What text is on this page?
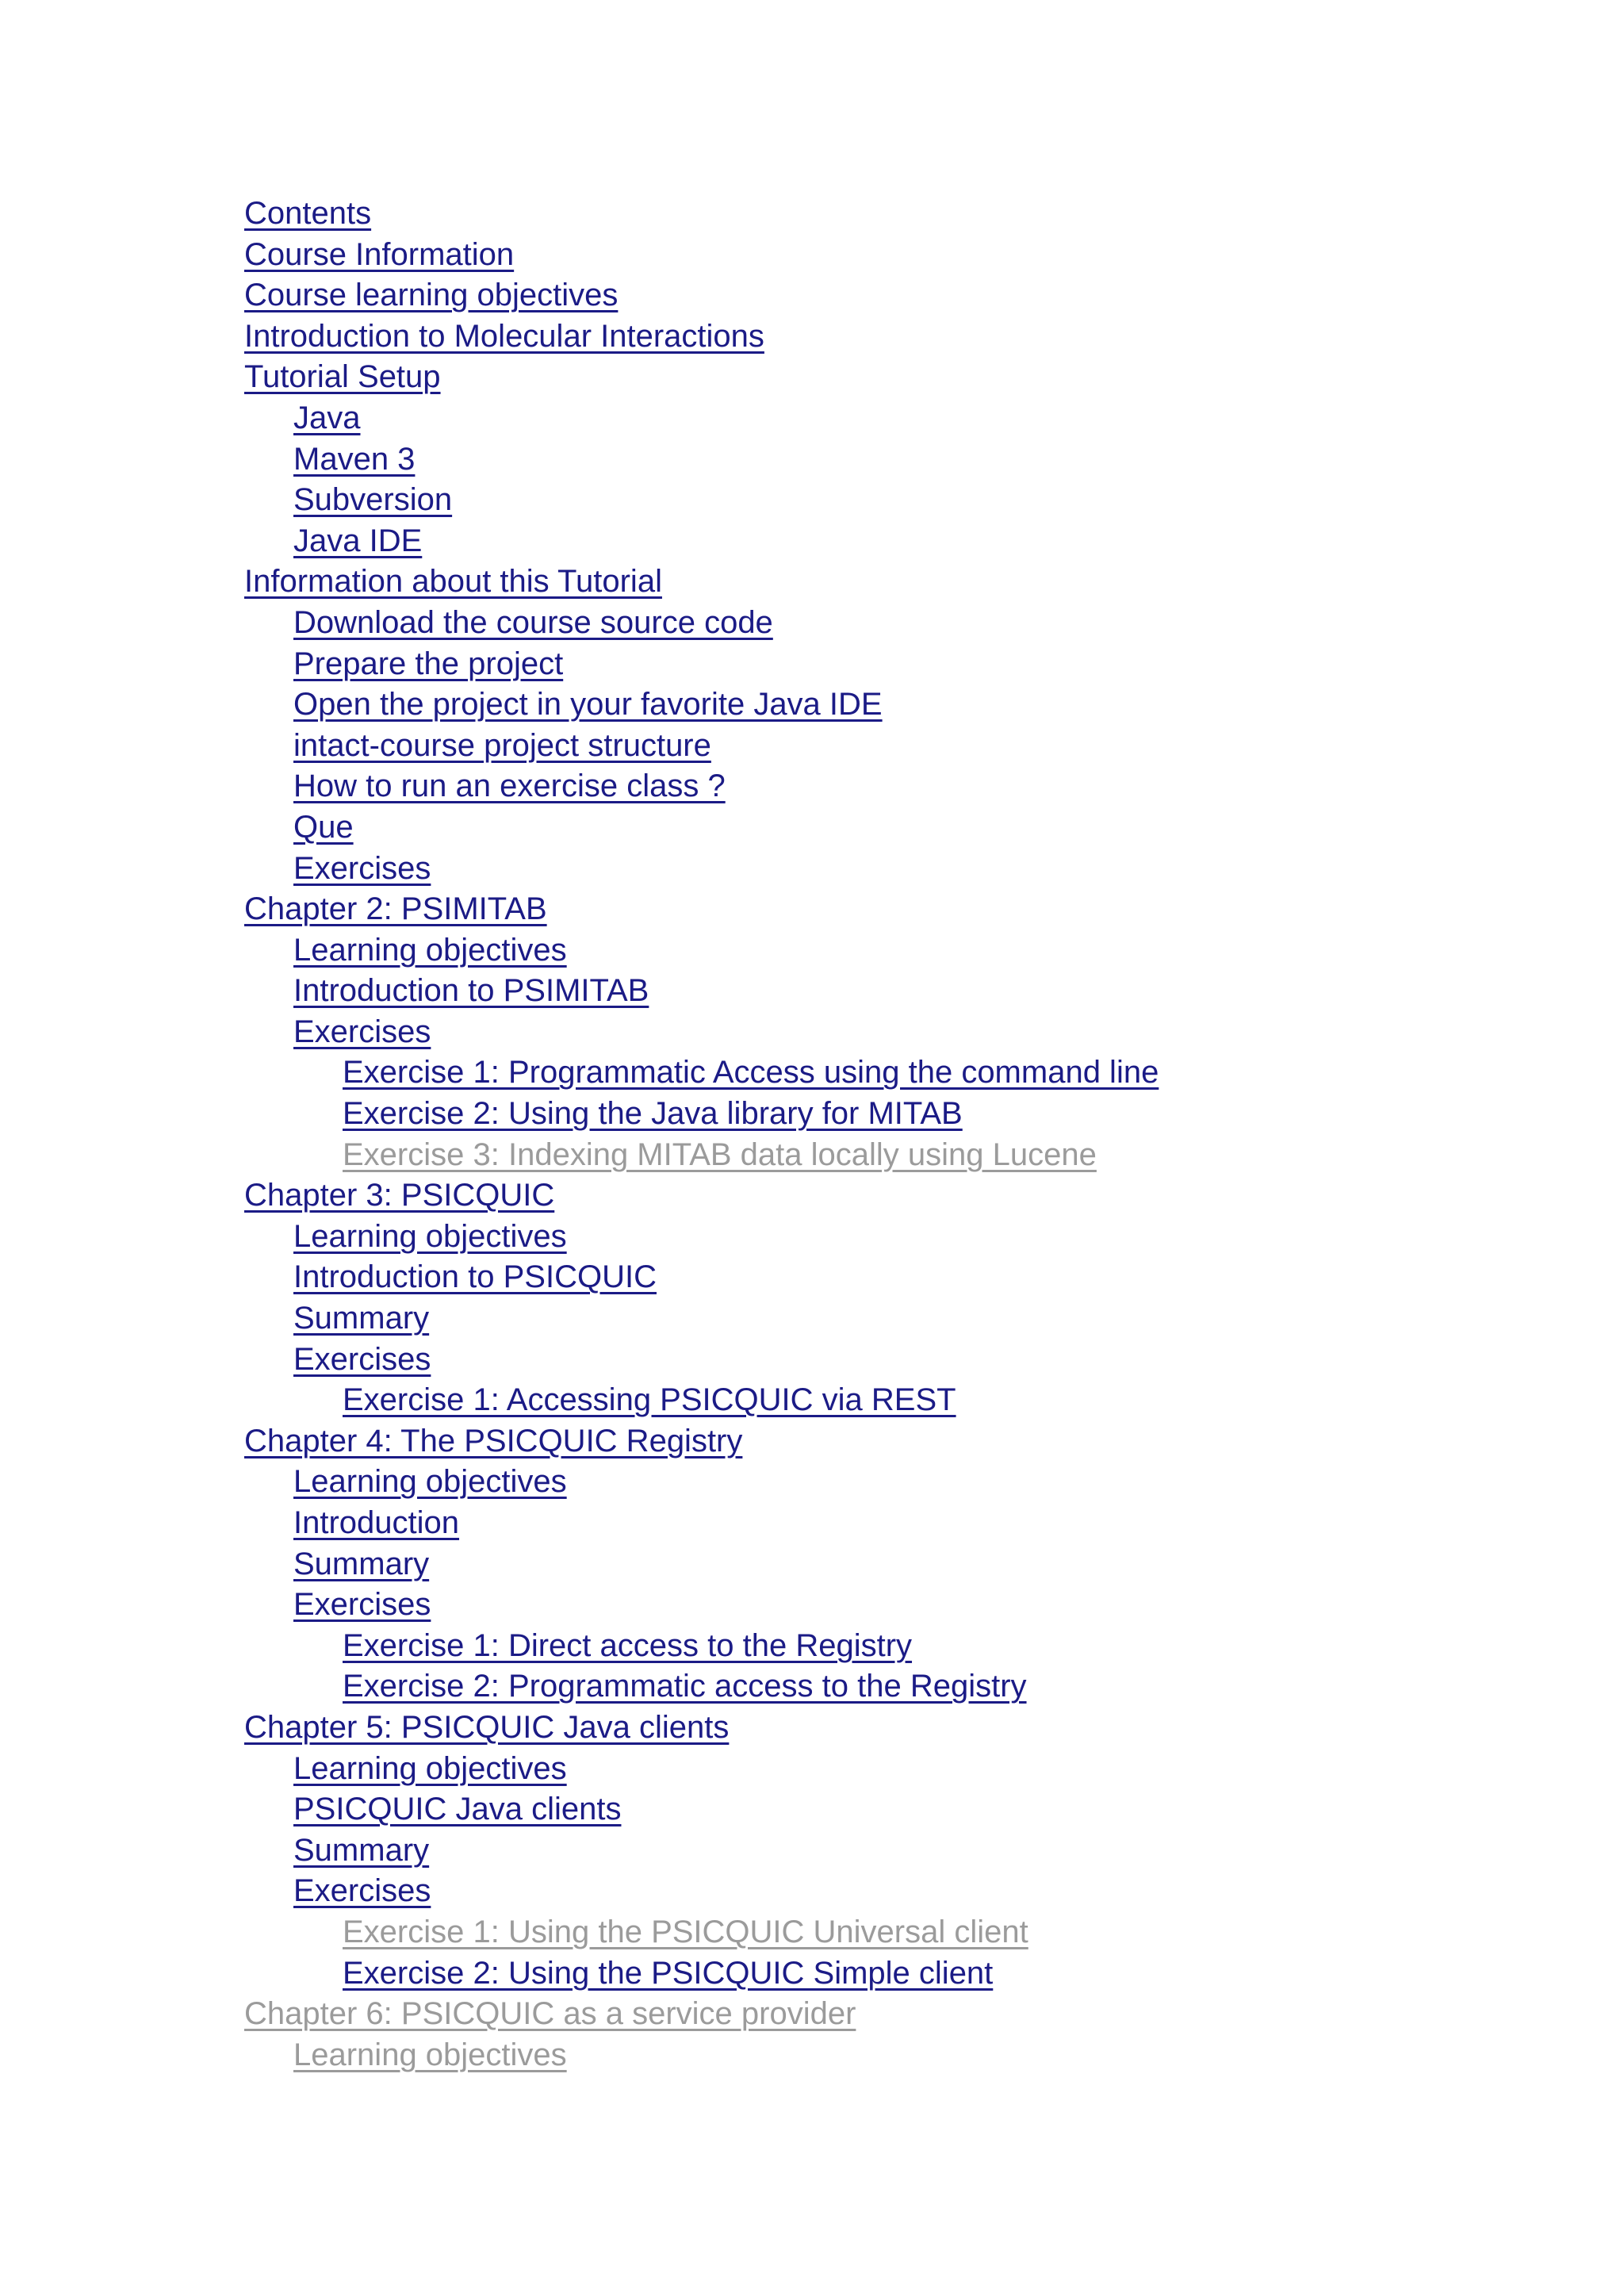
Contents
Course Information
Course learning objectives
Introduction to Molecular Interactions
Tutorial Setup
Java
Maven 3
Subversion
Java IDE
Information about this Tutorial
Download the course source code
Prepare the project
Open the project in your favorite Java IDE
intact-course project structure
How to run an exercise class ?
Que
Exercises
Chapter 2: PSIMITAB
Learning objectives
Introduction to PSIMITAB
Exercises
Exercise 1: Programmatic Access using the command line
Exercise 2: Using the Java library for MITAB
Exercise 3: Indexing MITAB data locally using Lucene
Chapter 3: PSICQUIC
Learning objectives
Introduction to PSICQUIC
Summary
Exercises
Exercise 1: Accessing PSICQUIC via REST
Chapter 4: The PSICQUIC Registry
Learning objectives
Introduction
Summary
Exercises
Exercise 1: Direct access to the Registry
Exercise 2: Programmatic access to the Registry
Chapter 5: PSICQUIC Java clients
Learning objectives
PSICQUIC Java clients
Summary
Exercises
Exercise 1: Using the PSICQUIC Universal client
Exercise 2: Using the PSICQUIC Simple client
Chapter 6: PSICQUIC as a service provider
Learning objectives
